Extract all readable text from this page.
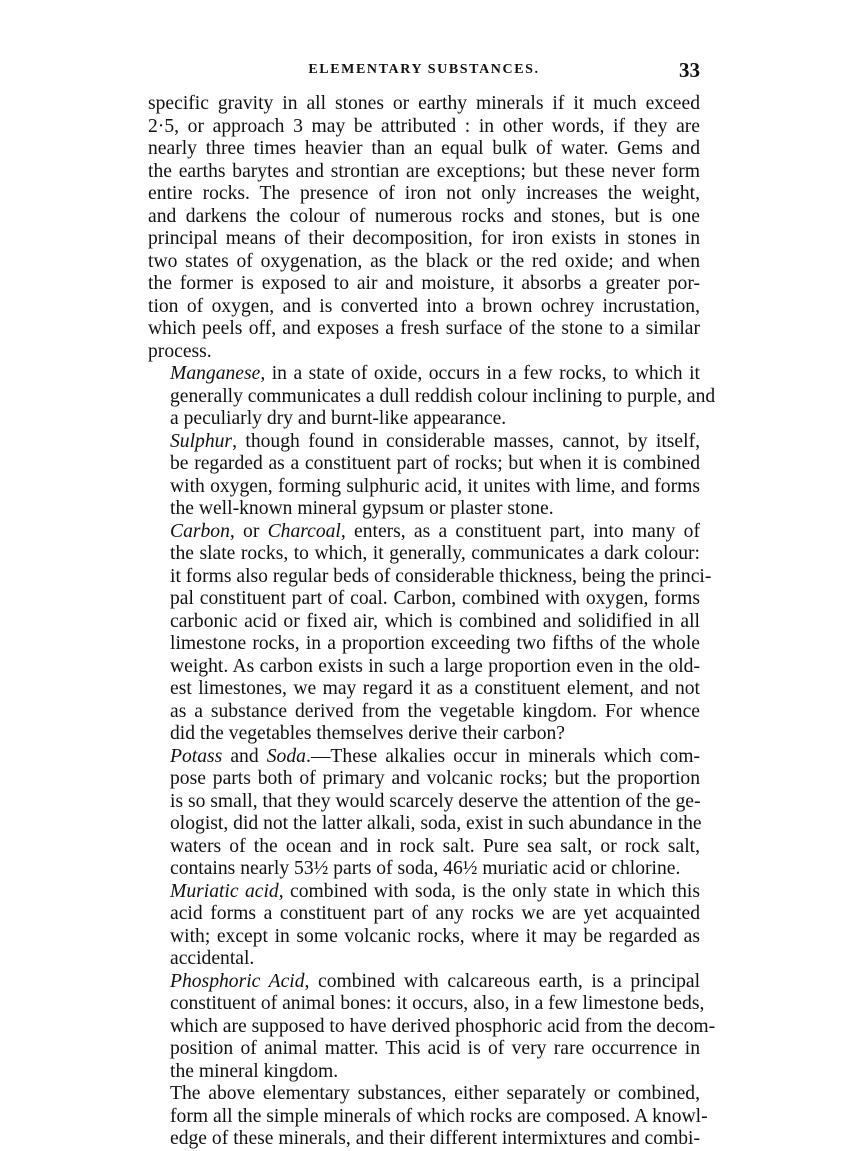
ELEMENTARY SUBSTANCES.	33
specific gravity in all stones or earthy minerals if it much exceed
2·5, or approach 3 may be attributed : in other words, if they are
nearly three times heavier than an equal bulk of water. Gems and
the earths barytes and strontian are exceptions; but these never form
entire rocks. The presence of iron not only increases the weight,
and darkens the colour of numerous rocks and stones, but is one
principal means of their decomposition, for iron exists in stones in
two states of oxygenation, as the black or the red oxide; and when
the former is exposed to air and moisture, it absorbs a greater por-
tion of oxygen, and is converted into a brown ochrey incrustation,
which peels off, and exposes a fresh surface of the stone to a similar
process.
Manganese, in a state of oxide, occurs in a few rocks, to which it
generally communicates a dull reddish colour inclining to purple, and
a peculiarly dry and burnt-like appearance.
Sulphur, though found in considerable masses, cannot, by itself,
be regarded as a constituent part of rocks; but when it is combined
with oxygen, forming sulphuric acid, it unites with lime, and forms
the well-known mineral gypsum or plaster stone.
Carbon, or Charcoal, enters, as a constituent part, into many of
the slate rocks, to which, it generally, communicates a dark colour:
it forms also regular beds of considerable thickness, being the princi-
pal constituent part of coal. Carbon, combined with oxygen, forms
carbonic acid or fixed air, which is combined and solidified in all
limestone rocks, in a proportion exceeding two fifths of the whole
weight. As carbon exists in such a large proportion even in the old-
est limestones, we may regard it as a constituent element, and not
as a substance derived from the vegetable kingdom. For whence
did the vegetables themselves derive their carbon?
Potass and Soda.—These alkalies occur in minerals which com-
pose parts both of primary and volcanic rocks; but the proportion
is so small, that they would scarcely deserve the attention of the ge-
ologist, did not the latter alkali, soda, exist in such abundance in the
waters of the ocean and in rock salt. Pure sea salt, or rock salt,
contains nearly 53½ parts of soda, 46½ muriatic acid or chlorine.
Muriatic acid, combined with soda, is the only state in which this
acid forms a constituent part of any rocks we are yet acquainted
with; except in some volcanic rocks, where it may be regarded as
accidental.
Phosphoric Acid, combined with calcareous earth, is a principal
constituent of animal bones: it occurs, also, in a few limestone beds,
which are supposed to have derived phosphoric acid from the decom-
position of animal matter. This acid is of very rare occurrence in
the mineral kingdom.
The above elementary substances, either separately or combined,
form all the simple minerals of which rocks are composed. A knowl-
edge of these minerals, and their different intermixtures and combi-
